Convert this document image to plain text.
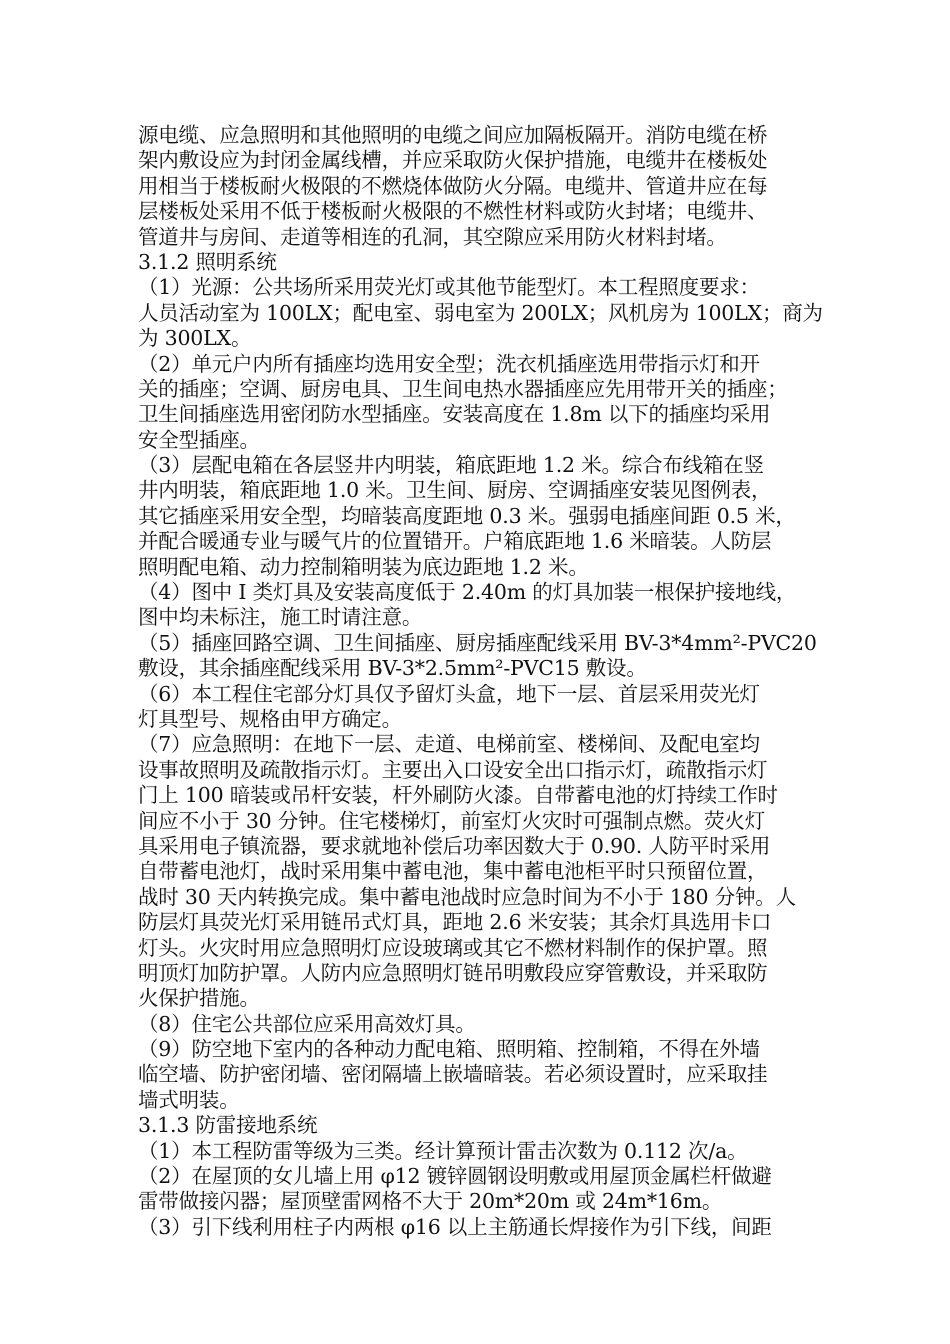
源电缆、应急照明和其他照明的电缆之间应加隔板隔开。消防电缆在桥
架内敷设应为封闭金属线槽，并应采取防火保护措施，电缆井在楼板处
用相当于楼板耐火极限的不燃烧体做防火分隔。电缆井、管道井应在每
层楼板处采用不低于楼板耐火极限的不燃性材料或防火封堵；电缆井、
管道井与房间、走道等相连的孔洞，其空隙应采用防火材料封堵。
3.1.2 照明系统
（1）光源：公共场所采用荧光灯或其他节能型灯。本工程照度要求：
人员活动室为 100LX；配电室、弱电室为 200LX；风机房为 100LX；商为
为 300LX。
（2）单元户内所有插座均选用安全型；洗衣机插座选用带指示灯和开
关的插座；空调、厨房电具、卫生间电热水器插座应先用带开关的插座；
卫生间插座选用密闭防水型插座。安装高度在 1.8m 以下的插座均采用
安全型插座。
（3）层配电箱在各层竖井内明装，箱底距地 1.2 米。综合布线箱在竖
井内明装，箱底距地 1.0 米。卫生间、厨房、空调插座安装见图例表，
其它插座采用安全型，均暗装高度距地 0.3 米。强弱电插座间距 0.5 米，
并配合暖通专业与暖气片的位置错开。户箱底距地 1.6 米暗装。人防层
照明配电箱、动力控制箱明装为底边距地 1.2 米。
（4）图中 I 类灯具及安装高度低于 2.40m 的灯具加装一根保护接地线，
图中均未标注，施工时请注意。
（5）插座回路空调、卫生间插座、厨房插座配线采用 BV-3*4mm²-PVC20
敷设，其余插座配线采用 BV-3*2.5mm²-PVC15 敷设。
（6）本工程住宅部分灯具仅予留灯头盒，地下一层、首层采用荧光灯
灯具型号、规格由甲方确定。
（7）应急照明：在地下一层、走道、电梯前室、楼梯间、及配电室均
设事故照明及疏散指示灯。主要出入口设安全出口指示灯，疏散指示灯
门上 100 暗装或吊杆安装，杆外刷防火漆。自带蓄电池的灯持续工作时
间应不小于 30 分钟。住宅楼梯灯，前室灯火灾时可强制点燃。荧火灯
具采用电子镇流器，要求就地补偿后功率因数大于 0.90. 人防平时采用
自带蓄电池灯，战时采用集中蓄电池，集中蓄电池柜平时只预留位置，
战时 30 天内转换完成。集中蓄电池战时应急时间为不小于 180 分钟。人
防层灯具荧光灯采用链吊式灯具，距地 2.6 米安装；其余灯具选用卡口
灯头。火灾时用应急照明灯应设玻璃或其它不燃材料制作的保护罩。照
明顶灯加防护罩。人防内应急照明灯链吊明敷段应穿管敷设，并采取防
火保护措施。
（8）住宅公共部位应采用高效灯具。
（9）防空地下室内的各种动力配电箱、照明箱、控制箱，不得在外墙
临空墙、防护密闭墙、密闭隔墙上嵌墙暗装。若必须设置时，应采取挂
墙式明装。
3.1.3 防雷接地系统
（1）本工程防雷等级为三类。经计算预计雷击次数为 0.112 次/a。
（2）在屋顶的女儿墙上用 φ12 镀锌圆钢设明敷或用屋顶金属栏杆做避
雷带做接闪器；屋顶壁雷网格不大于 20m*20m 或 24m*16m。
（3）引下线利用柱子内两根 φ16 以上主筋通长焊接作为引下线，间距
